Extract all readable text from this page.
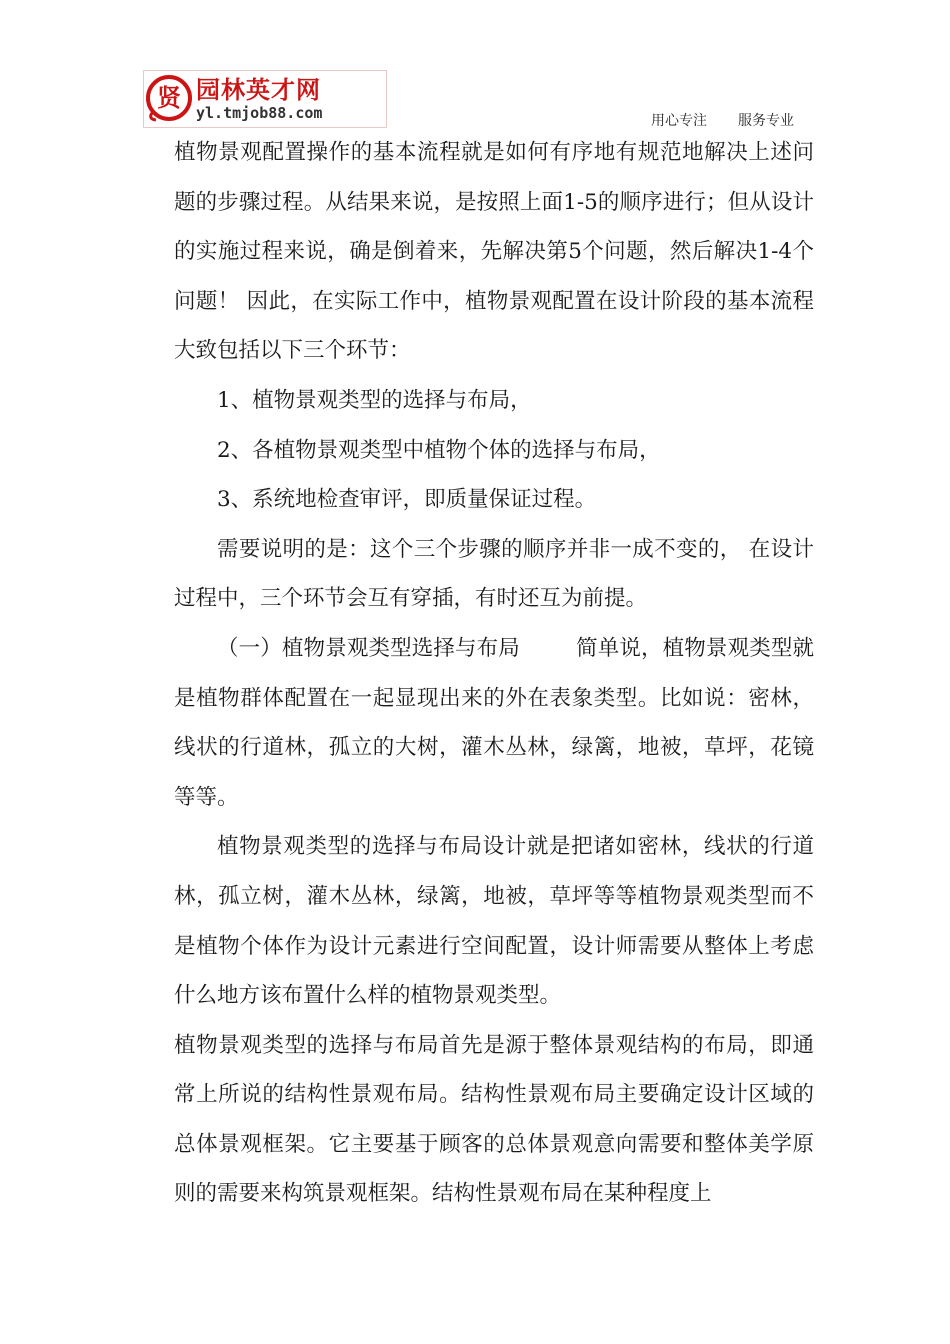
贤 园林英才网
yl.tmjob88.com	用心专注 服务专业

植物景观配置操作的基本流程就是如何有序地有规范地解决上述问题的步骤过程。从结果来说，是按照上面1-5的顺序进行；但从设计的实施过程来说，确是倒着来，先解决第5个问题，然后解决1-4个问题！ 因此，在实际工作中，植物景观配置在设计阶段的基本流程大致包括以下三个环节：

1、植物景观类型的选择与布局，

2、各植物景观类型中植物个体的选择与布局，

3、系统地检查审评，即质量保证过程。

需要说明的是：这个三个步骤的顺序并非一成不变的， 在设计过程中，三个环节会互有穿插，有时还互为前提。

（一）植物景观类型选择与布局	简单说，植物景观类型就是植物群体配置在一起显现出来的外在表象类型。比如说：密林，线状的行道林，孤立的大树，灌木丛林，绿篱，地被，草坪，花镜等等。

植物景观类型的选择与布局设计就是把诸如密林，线状的行道林，孤立树，灌木丛林，绿篱，地被，草坪等等植物景观类型而不是植物个体作为设计元素进行空间配置，设计师需要从整体上考虑什么地方该布置什么样的植物景观类型。

植物景观类型的选择与布局首先是源于整体景观结构的布局，即通常上所说的结构性景观布局。结构性景观布局主要确定设计区域的总体景观框架。它主要基于顾客的总体景观意向需要和整体美学原则的需要来构筑景观框架。结构性景观布局在某种程度上
